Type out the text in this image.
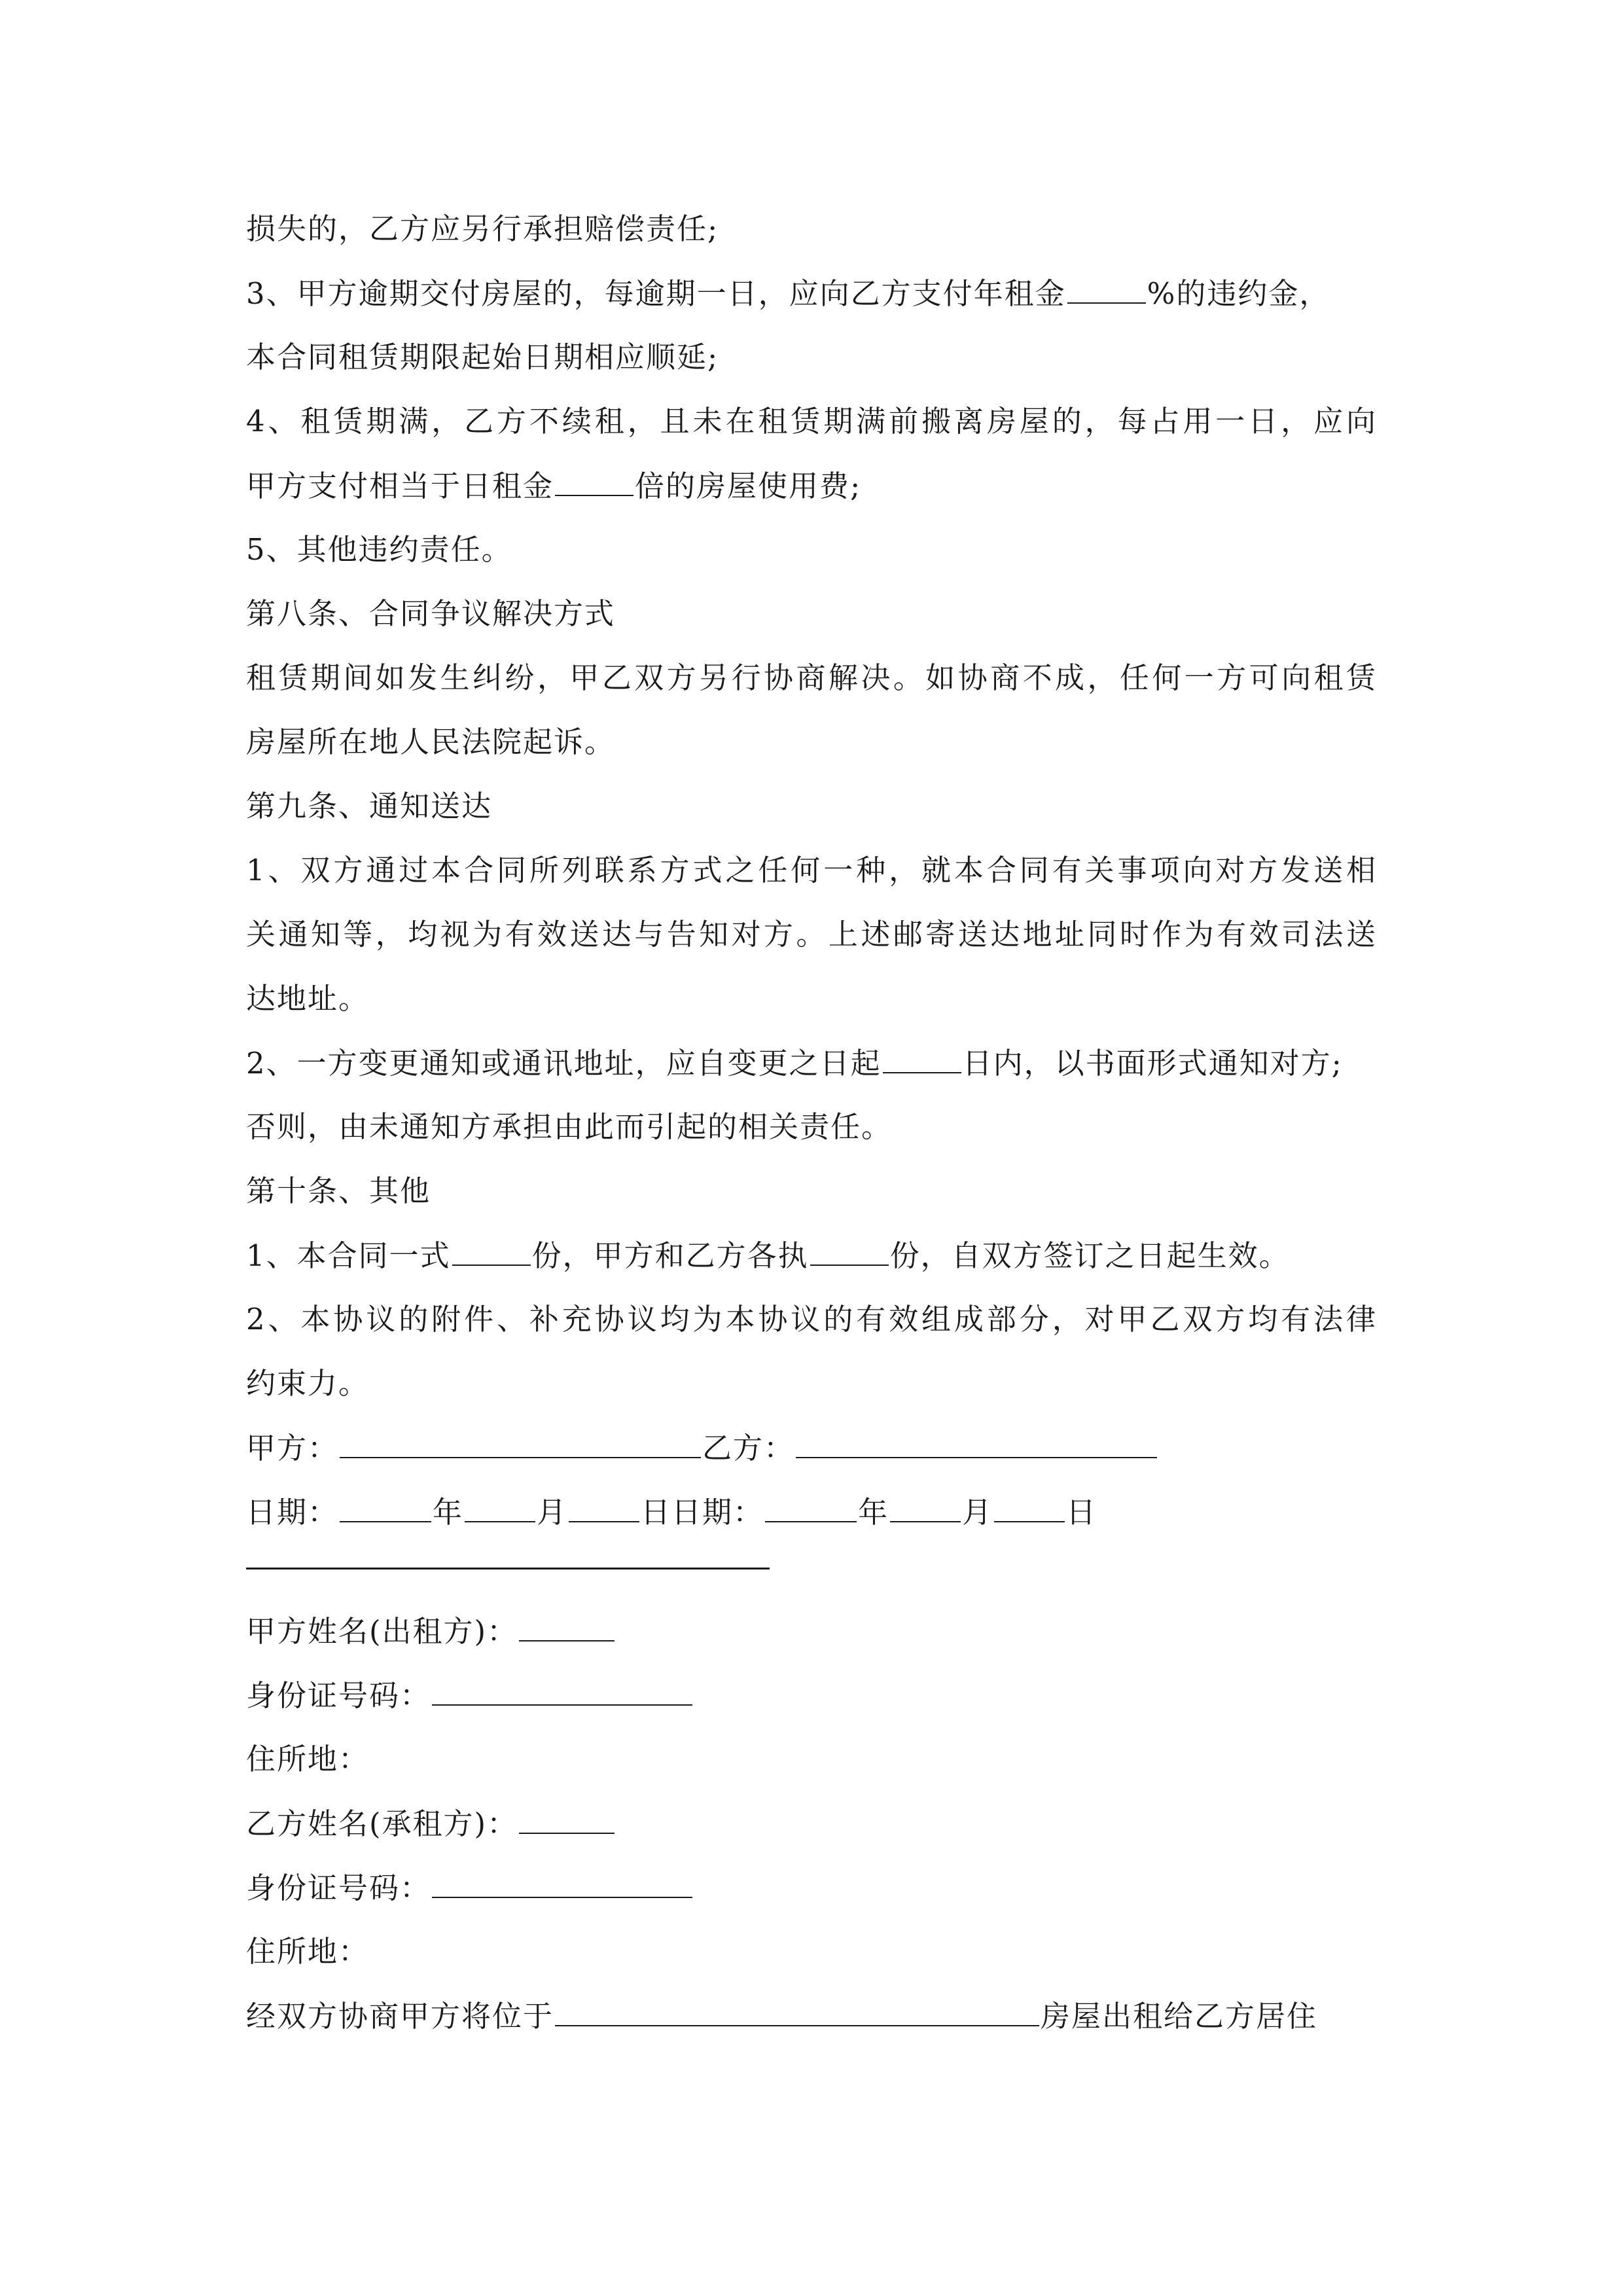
损失的，乙方应另行承担赔偿责任;
3、甲方逾期交付房屋的，每逾期一日，应向乙方支付年租金	%的违约金，
本合同租赁期限起始日期相应顺延;
4、租赁期满，乙方不续租，且未在租赁期满前搬离房屋的，每占用一日，应向
甲方支付相当于日租金	倍的房屋使用费;
5、其他违约责任。
第八条、合同争议解决方式
租赁期间如发生纠纷，甲乙双方另行协商解决。如协商不成，任何一方可向租赁
房屋所在地人民法院起诉。
第九条、通知送达
1、双方通过本合同所列联系方式之任何一种，就本合同有关事项向对方发送相
关通知等，均视为有效送达与告知对方。上述邮寄送达地址同时作为有效司法送
达地址。
2、一方变更通知或通讯地址，应自变更之日起	日内，以书面形式通知对方;
否则，由未通知方承担由此而引起的相关责任。
第十条、其他
1、本合同一式	份，甲方和乙方各执	份，自双方签订之日起生效。
2、本协议的附件、补充协议均为本协议的有效组成部分，对甲乙双方均有法律
约束力。
甲方：	乙方：
日期：	年 月 日日期：	年 月 日
甲方姓名(出租方)：
身份证号码：
住所地：
乙方姓名(承租方)：
身份证号码：
住所地：
经双方协商甲方将位于	房屋出租给乙方居住
